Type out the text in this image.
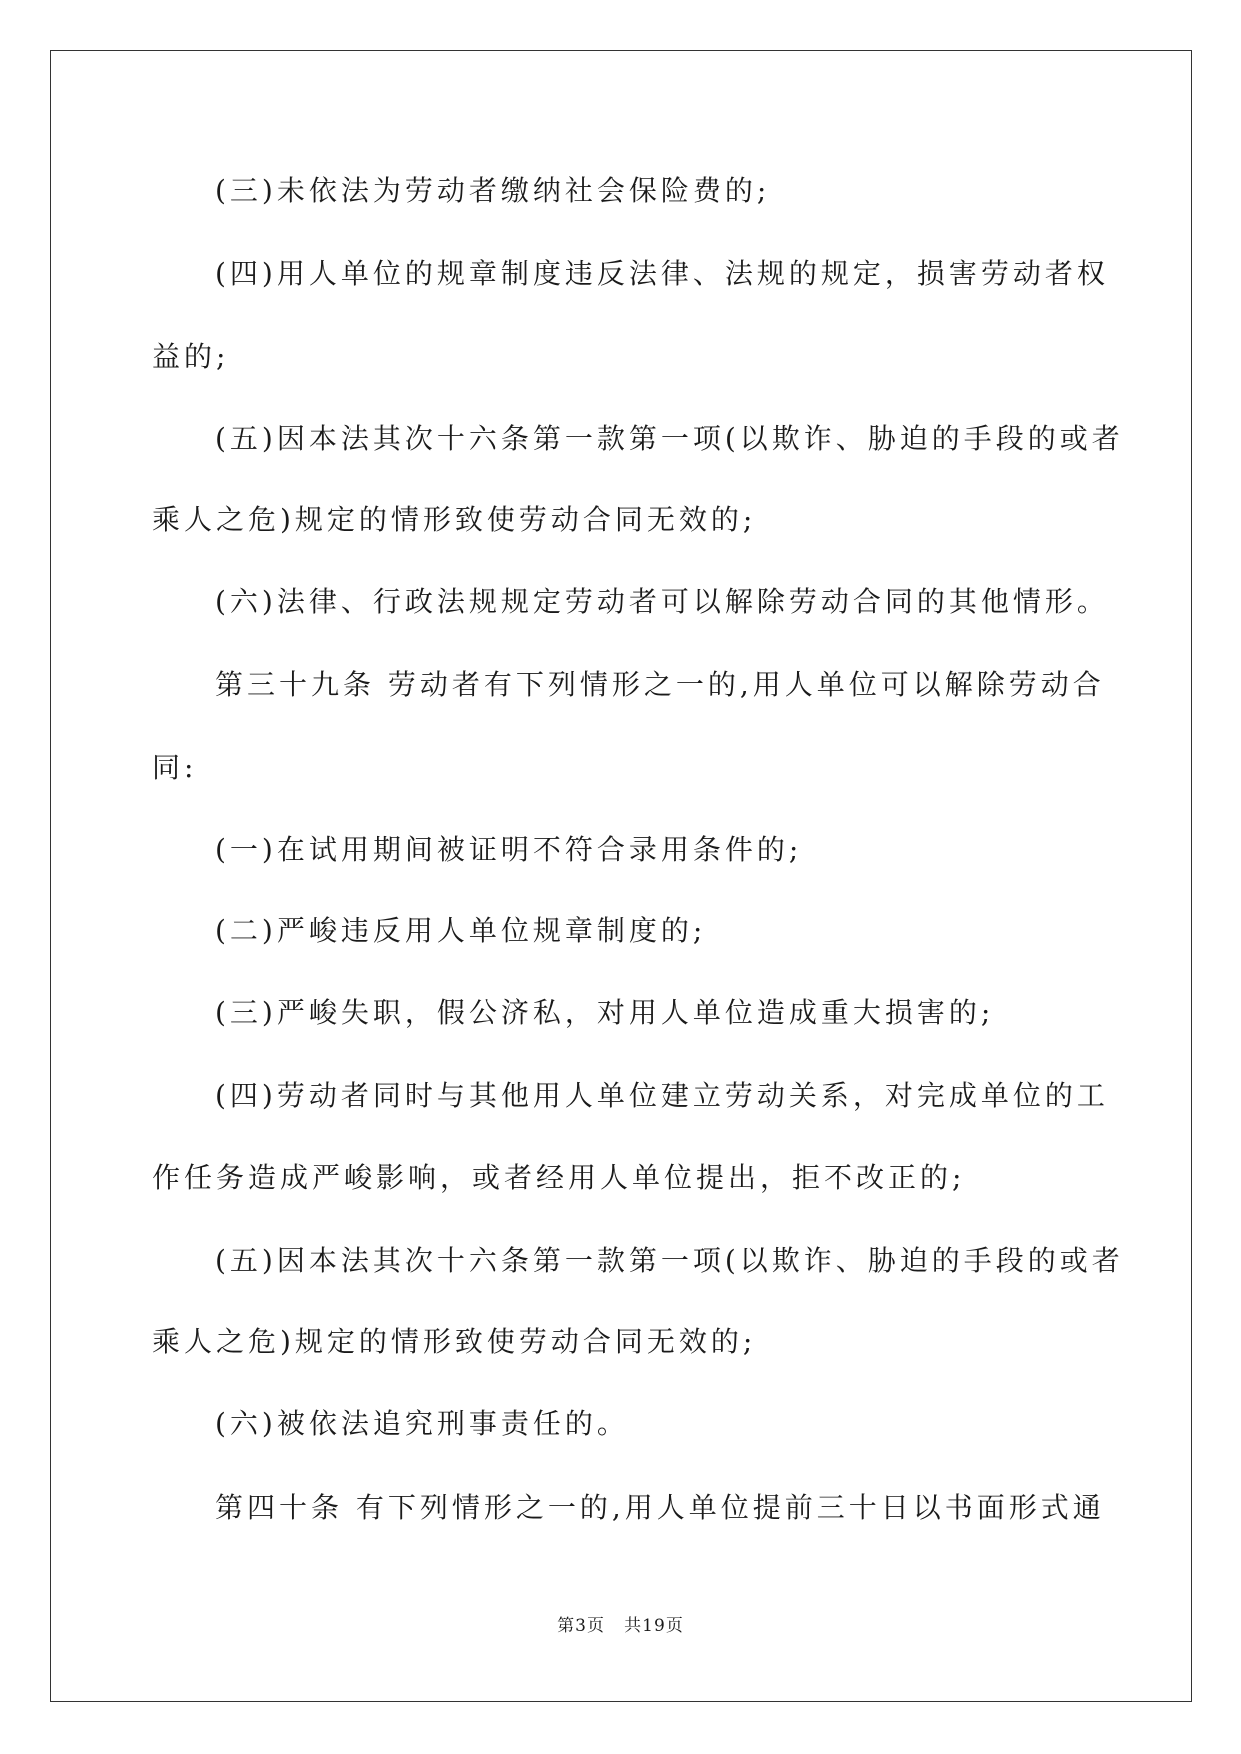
(三)未依法为劳动者缴纳社会保险费的;
(四)用人单位的规章制度违反法律、法规的规定，损害劳动者权
益的;
(五)因本法其次十六条第一款第一项(以欺诈、胁迫的手段的或者
乘人之危)规定的情形致使劳动合同无效的;
(六)法律、行政法规规定劳动者可以解除劳动合同的其他情形。
第三十九条 劳动者有下列情形之一的,用人单位可以解除劳动合
同:
(一)在试用期间被证明不符合录用条件的;
(二)严峻违反用人单位规章制度的;
(三)严峻失职，假公济私，对用人单位造成重大损害的;
(四)劳动者同时与其他用人单位建立劳动关系，对完成单位的工
作任务造成严峻影响，或者经用人单位提出，拒不改正的;
(五)因本法其次十六条第一款第一项(以欺诈、胁迫的手段的或者
乘人之危)规定的情形致使劳动合同无效的;
(六)被依法追究刑事责任的。
第四十条 有下列情形之一的,用人单位提前三十日以书面形式通
第3页   共19页
